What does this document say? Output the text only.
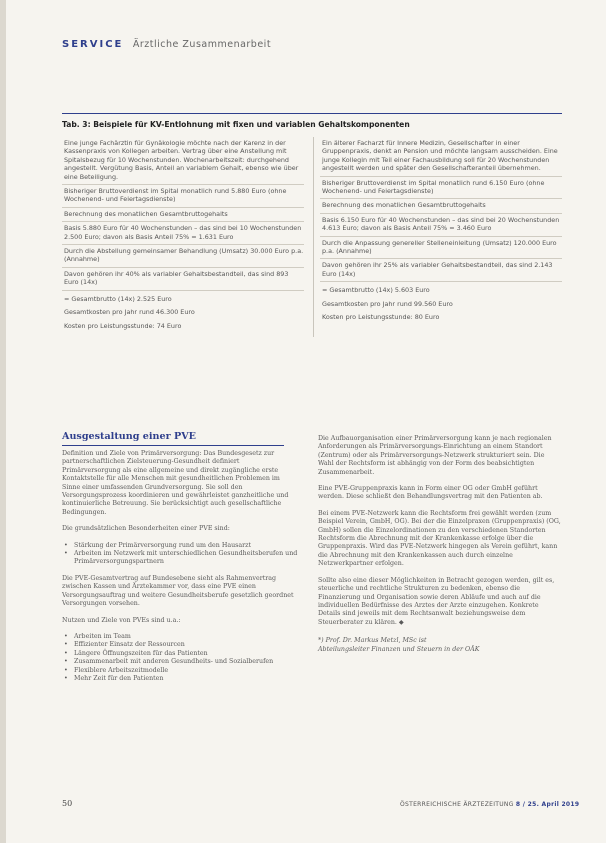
SERVICE Ärztliche Zusammenarbeit
Tab. 3: Beispiele für KV-Entlohnung mit fixen und variablen Gehaltskomponenten
Eine junge Fachärztin für Gynäkologie möchte nach der Karenz in der Kassenpraxis von Kollegen arbeiten. Vertrag über eine Anstellung mit Spitalsbezug für 10 Wochenstunden. Wochenarbeitszeit: durchgehend angestellt. Vergütung Basis, Anteil an variablem Gehalt, ebenso wie über eine Beteiligung.
Bisheriger Bruttoverdienst im Spital monatlich rund 5.880 Euro (ohne Wochenend- und Feiertagsdienste)
Berechnung des monatlichen Gesamtbruttogehalts
Basis 5.880 Euro für 40 Wochenstunden – das sind bei 10 Wochenstunden 2.500 Euro; davon als Basis Anteil 75% = 1.631 Euro
Durch die Abstellung gemeinsamer Behandlung (Umsatz) 30.000 Euro p.a. (Annahme)
Davon gehören ihr 40% als variabler Gehaltsbestandteil, das sind 893 Euro (14x)
= Gesamtbrutto (14x) 2.525 Euro
Gesamtkosten pro Jahr rund 46.300 Euro
Kosten pro Leistungsstunde: 74 Euro
Ein älterer Facharzt für Innere Medizin, Gesellschafter in einer Gruppenpraxis, denkt an Pension und möchte langsam ausscheiden. Eine junge Kollegin mit Teil einer Fachausbildung soll für 20 Wochenstunden angestellt werden und später den Gesellschafteranteil übernehmen.
Bisheriger Bruttoverdienst im Spital monatlich rund 6.150 Euro (ohne Wochenend- und Feiertagsdienste)
Berechnung des monatlichen Gesamtbruttogehalts
Basis 6.150 Euro für 40 Wochenstunden – das sind bei 20 Wochenstunden 4.613 Euro; davon als Basis Anteil 75% = 3.460 Euro
Durch die Anpassung genereller Stelleneinleitung (Umsatz) 120.000 Euro p.a. (Annahme)
Davon gehören ihr 25% als variabler Gehaltsbestandteil, das sind 2.143 Euro (14x)
= Gesamtbrutto (14x) 5.603 Euro
Gesamtkosten pro Jahr rund 99.560 Euro
Kosten pro Leistungsstunde: 80 Euro
Ausgestaltung einer PVE

Definition und Ziele von Primärversorgung: Das Bundesgesetz zur partnerschaftlichen Zielsteuerung-Gesundheit definiert Primärversorgung als eine allgemeine und direkt zugängliche erste Kontaktstelle für alle Menschen mit gesundheitlichen Problemen im Sinne einer umfassenden Grundversorgung. Sie soll den Versorgungsprozess koordinieren und gewährleistet ganzheitliche und kontinuierliche Betreuung. Sie berücksichtigt auch gesellschaftliche Bedingungen.

Die grundsätzlichen Besonderheiten einer PVE sind:

• Stärkung der Primärversorgung rund um den Hausarzt
• Arbeiten im Netzwerk mit unterschiedlichen Gesundheitsberufen und Primärversorgungspartnern

Die PVE-Gesamtvertrag auf Bundesebene sieht als Rahmenvertrag zwischen Kassen und Ärztekammer vor, dass eine PVE einen Versorgungsauftrag und weitere Gesundheitsberufe gesetzlich geordnet Versorgungen vorsehen.

Nutzen und Ziele von PVEs sind u.a.:

• Arbeiten im Team
• Effizienter Einsatz der Ressourcen
• Längere Öffnungszeiten für das Patienten
• Zusammenarbeit mit anderen Gesundheits- und Sozialberufen
• Flexiblere Arbeitszeitmodelle
• Mehr Zeit für den Patienten

Die Aufbauorganisation einer Primärversorgung kann je nach regionalen Anforderungen als Primärversorgungs-Einrichtung an einem Standort (Zentrum) oder als Primärversorgungs-Netzwerk strukturiert sein. Die Wahl der Rechtsform ist abhängig von der Form des beabsichtigten Zusammenarbeit.

Eine PVE-Gruppenpraxis kann in Form einer OG oder GmbH geführt werden. Diese schließt den Behandlungsvertrag mit den Patienten ab.

Bei einem PVE-Netzwerk kann die Rechtsform frei gewählt werden (zum Beispiel Verein, GmbH, OG). Bei der die Einzelpraxen (Gruppenpraxis) (OG, GmbH) sollen die Einzelordinationen zu den verschiedenen Standorten Rechtsform die Abrechnung mit der Krankenkasse erfolge über die Gruppenpraxis. Wird das PVE-Netzwerk hingegen als Verein geführt, kann die Abrechnung mit den Krankenkassen auch durch einzelne Netzwerkpartner erfolgen.

Sollte also eine dieser Möglichkeiten in Betracht gezogen werden, gilt es, steuerliche und rechtliche Strukturen zu bedenken, ebenso die Finanzierung und Organisation sowie deren Abläufe und auch auf die individuellen Bedürfnisse des Arztes der Arzte einzugehen. Konkrete Details sind jeweils mit dem Rechtsanwalt beziehungsweise dem Steuerberater zu klären. ◆

*) Prof. Dr. Markus Metzl, MSc ist
Abteilungsleiter Finanzen und Steuern in der OÄK
50	ÖSTERREICHISCHE ÄRZTEZEITUNG 8 / 25. April 2019
